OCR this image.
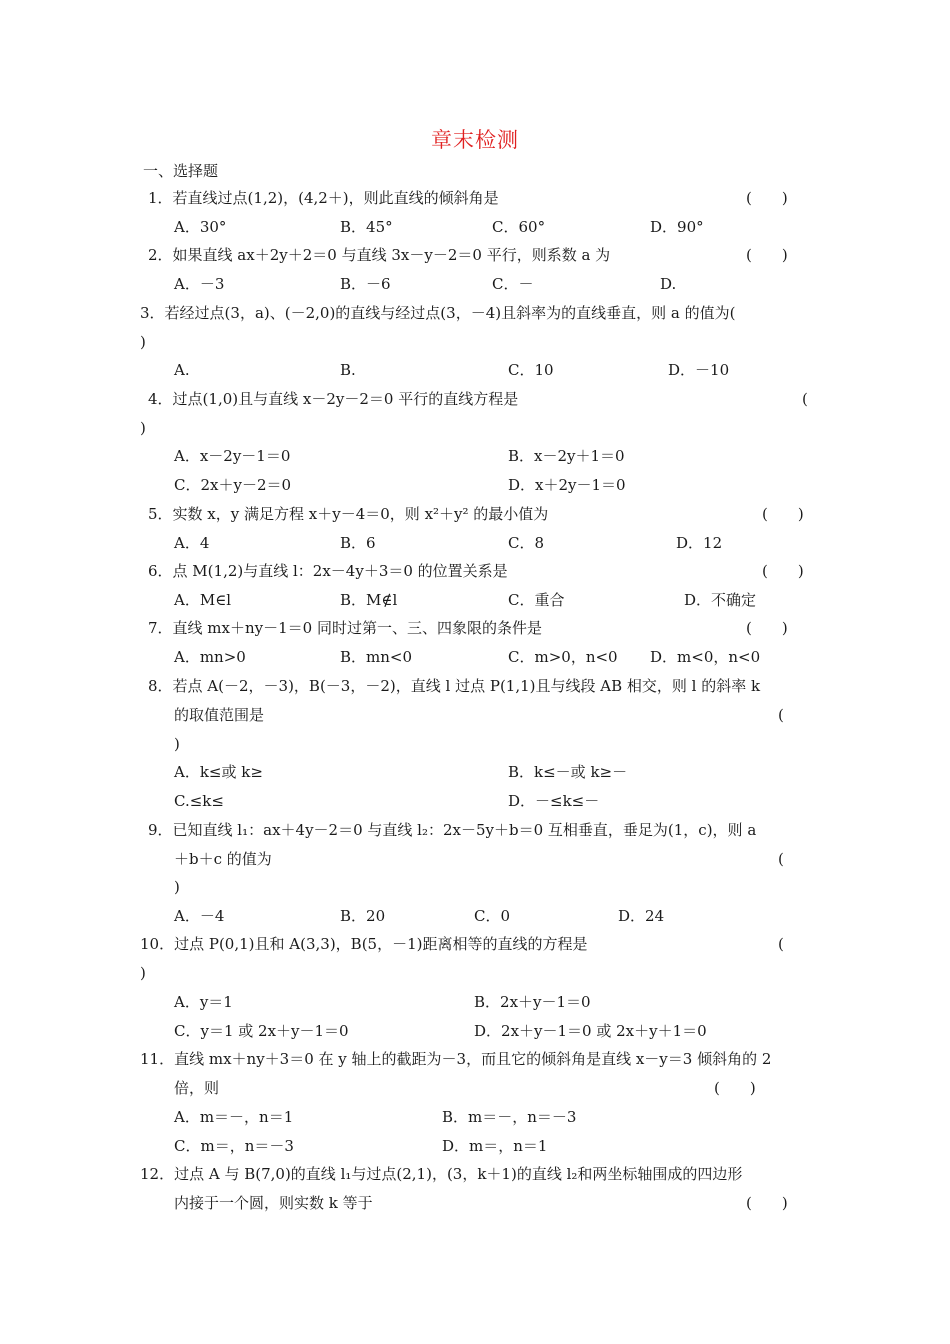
章末检测
一、选择题
1．若直线过点(1,2)，(4,2＋)，则此直线的倾斜角是	(　　)
A．30°	B．45°	C．60°	D．90°
2．如果直线 ax＋2y＋2＝0 与直线 3x－y－2＝0 平行，则系数 a 为	(　　)
A．－3	B．－6	C．－	D.
3．若经过点(3，a)、(－2,0)的直线与经过点(3，－4)且斜率为的直线垂直，则 a 的值为(
)
A.	B.	C．10	D．－10
4．过点(1,0)且与直线 x－2y－2＝0 平行的直线方程是	(
)
A．x－2y－1＝0	B．x－2y＋1＝0
C．2x＋y－2＝0	D．x＋2y－1＝0
5．实数 x，y 满足方程 x＋y－4＝0，则 x²＋y² 的最小值为	(　　)
A．4	B．6	C．8	D．12
6．点 M(1,2)与直线 l：2x－4y＋3＝0 的位置关系是	(　　)
A．M∈l	B．M∉l	C．重合	D．不确定
7．直线 mx＋ny－1＝0 同时过第一、三、四象限的条件是	(　　)
A．mn>0	B．mn<0	C．m>0，n<0 D．m<0，n<0
8．若点 A(－2，－3)，B(－3，－2)，直线 l 过点 P(1,1)且与线段 AB 相交，则 l 的斜率 k
的取值范围是	(
)
A．k≤或 k≥	B．k≤－或 k≥－
C.≤k≤	D．－≤k≤－
9．已知直线 l₁：ax＋4y－2＝0 与直线 l₂：2x－5y＋b＝0 互相垂直，垂足为(1，c)，则 a
＋b＋c 的值为	(
)
A．－4	B．20	C．0	D．24
10．过点 P(0,1)且和 A(3,3)，B(5，－1)距离相等的直线的方程是	(
)
A．y＝1	B．2x＋y－1＝0
C．y＝1 或 2x＋y－1＝0	D．2x＋y－1＝0 或 2x＋y＋1＝0
11．直线 mx＋ny＋3＝0 在 y 轴上的截距为－3，而且它的倾斜角是直线 x－y＝3 倾斜角的 2
倍，则	(　　)
A．m＝－，n＝1	B．m＝－，n＝－3
C．m＝，n＝－3	D．m＝，n＝1
12．过点 A 与 B(7,0)的直线 l₁与过点(2,1)，(3，k＋1)的直线 l₂和两坐标轴围成的四边形
内接于一个圆，则实数 k 等于	(　　)
